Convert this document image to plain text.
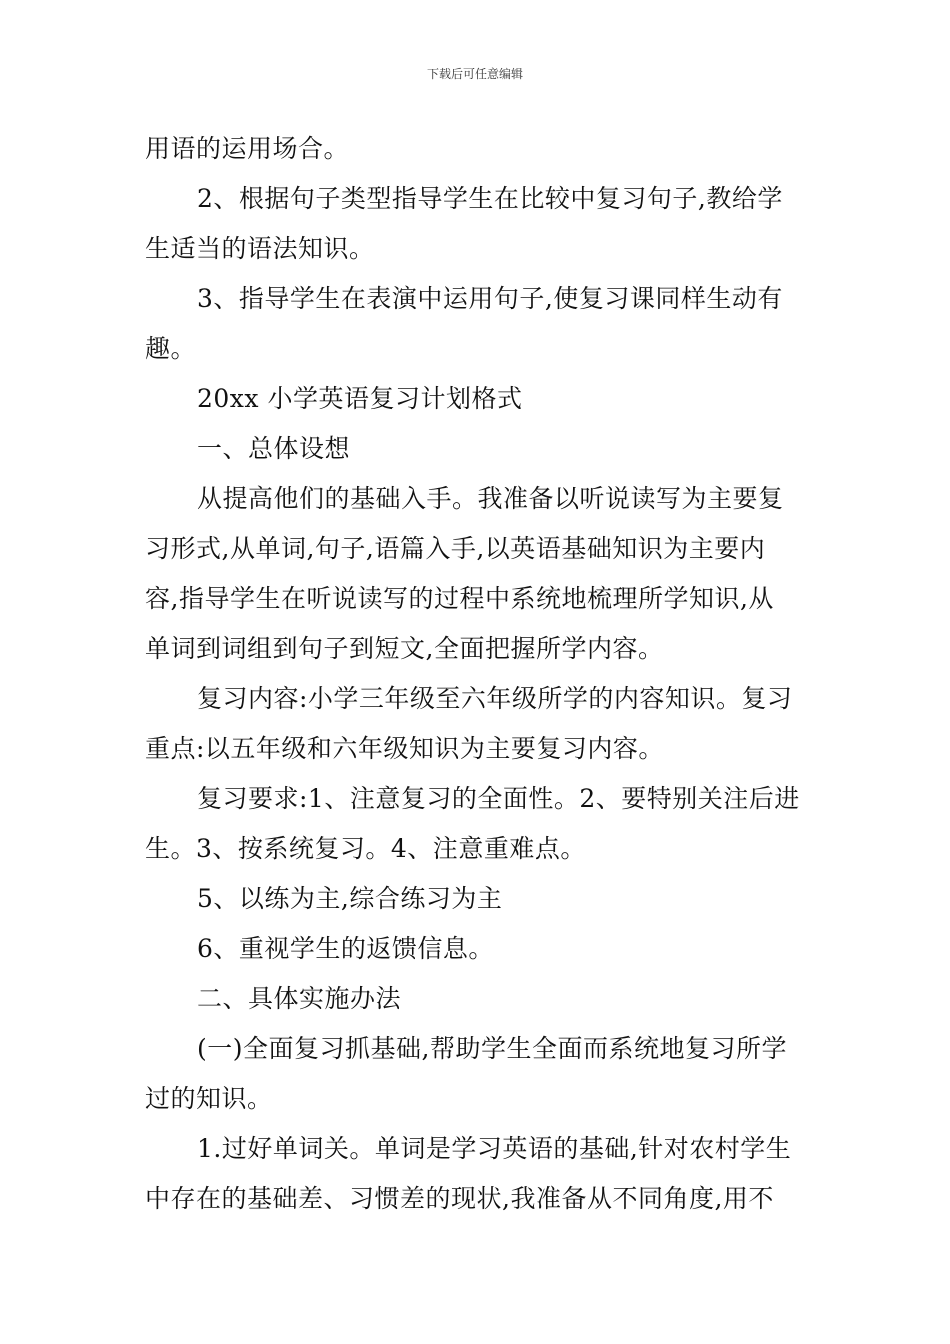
下载后可任意编辑

用语的运用场合。

2、根据句子类型指导学生在比较中复习句子,教给学

生适当的语法知识。

3、指导学生在表演中运用句子,使复习课同样生动有

趣。

20xx 小学英语复习计划格式

一、总体设想

从提高他们的基础入手。我准备以听说读写为主要复

习形式,从单词,句子,语篇入手,以英语基础知识为主要内

容,指导学生在听说读写的过程中系统地梳理所学知识,从

单词到词组到句子到短文,全面把握所学内容。

复习内容:小学三年级至六年级所学的内容知识。复习

重点:以五年级和六年级知识为主要复习内容。

复习要求:1、注意复习的全面性。2、要特别关注后进

生。3、按系统复习。4、注意重难点。

5、以练为主,综合练习为主

6、重视学生的返馈信息。

二、具体实施办法

(一)全面复习抓基础,帮助学生全面而系统地复习所学

过的知识。

1.过好单词关。单词是学习英语的基础,针对农村学生

中存在的基础差、习惯差的现状,我准备从不同角度,用不
